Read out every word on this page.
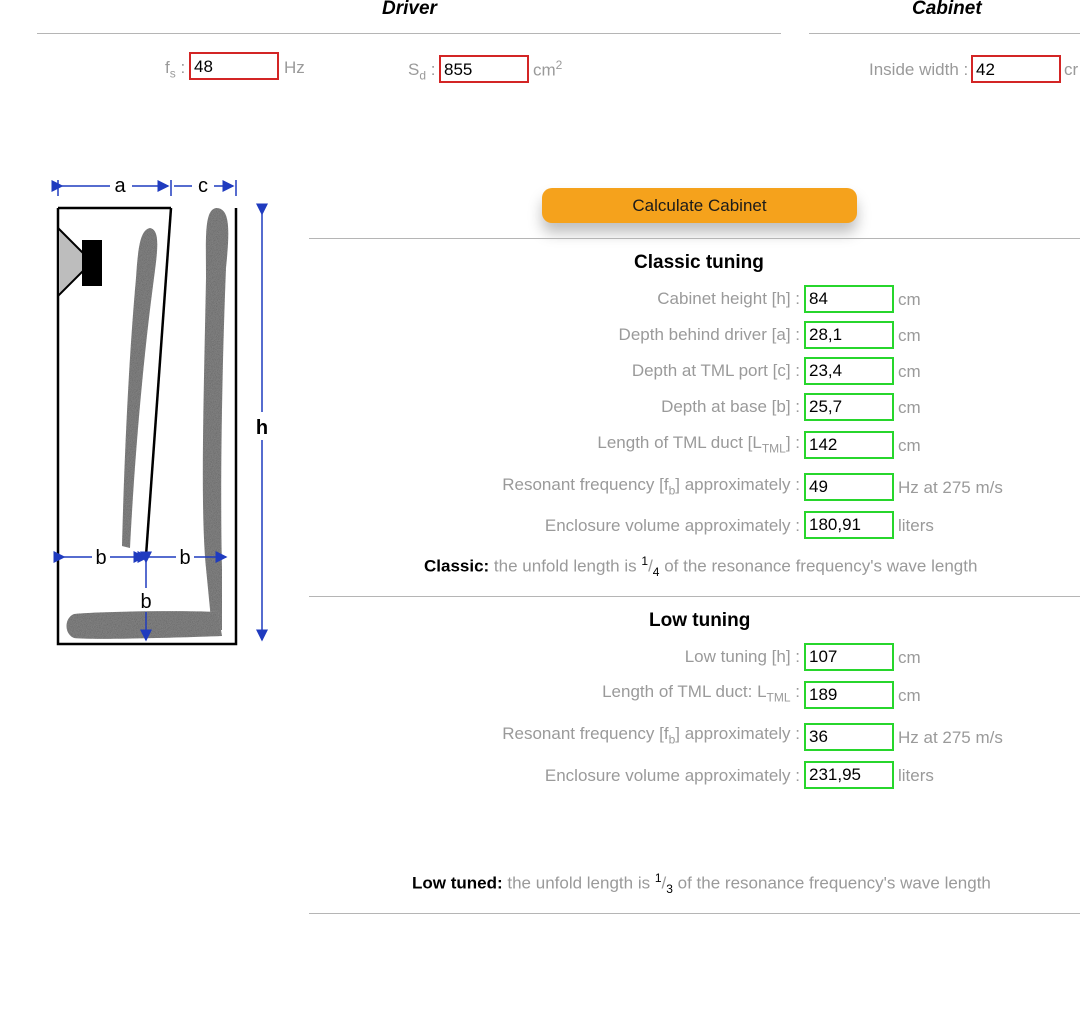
Driver	Cabinet
$f_s$ : 48	Hz	$S_d$ : 855	$cm^2$	Inside width : 42	cr
a	c
h
b	b
b
Calculate Cabinet
Classic tuning
Cabinet height [h] : 84	cm
Depth behind driver [a] : 28,1	cm
Depth at TML port [c] : 23,4	cm
Depth at base [b] : 25,7	cm
Length of TML duct $[L_{TML}]$ : 142	cm
Resonant frequency $[f_b]$ approximately : 49	Hz at 275 m/s
Enclosure volume approximately : 180,91	liters
Classic: the unfold length is $^1/_4$ of the resonance frequency's wave length
Low tuning
Low tuning [h] : 107	cm
Length of TML duct: $L_{TML}$ : 189	cm
Resonant frequency $[f_b]$ approximately : 36	Hz at 275 m/s
Enclosure volume approximately : 231,95	liters
Low tuned: the unfold length is $^1/_3$ of the resonance frequency's wave length
